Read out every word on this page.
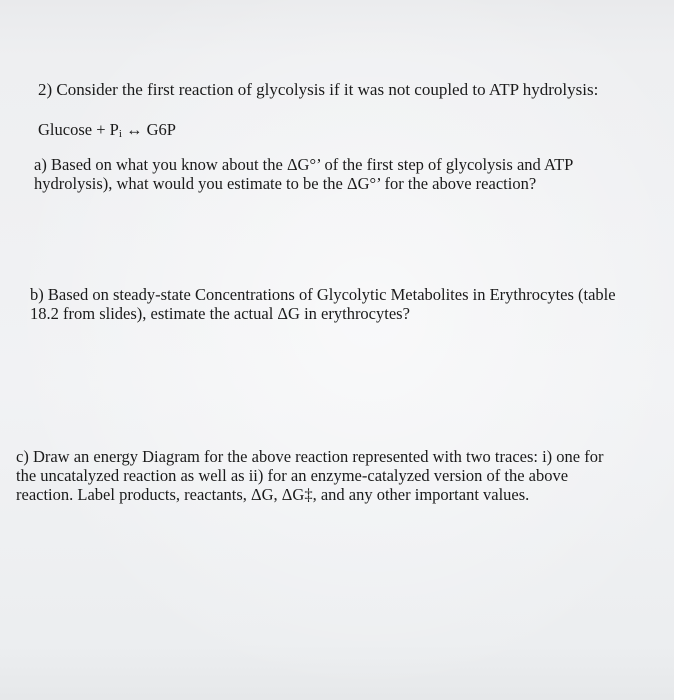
2) Consider the first reaction of glycolysis if it was not coupled to ATP hydrolysis:

Glucose + Pi ↔ G6P

a) Based on what you know about the ΔG°’ of the first step of glycolysis and ATP
hydrolysis), what would you estimate to be the ΔG°’ for the above reaction?

b) Based on steady-state Concentrations of Glycolytic Metabolites in Erythrocytes (table
18.2 from slides), estimate the actual ΔG in erythrocytes?

c) Draw an energy Diagram for the above reaction represented with two traces: i) one for
the uncatalyzed reaction as well as ii) for an enzyme-catalyzed version of the above
reaction. Label products, reactants, ΔG, ΔG‡, and any other important values.
